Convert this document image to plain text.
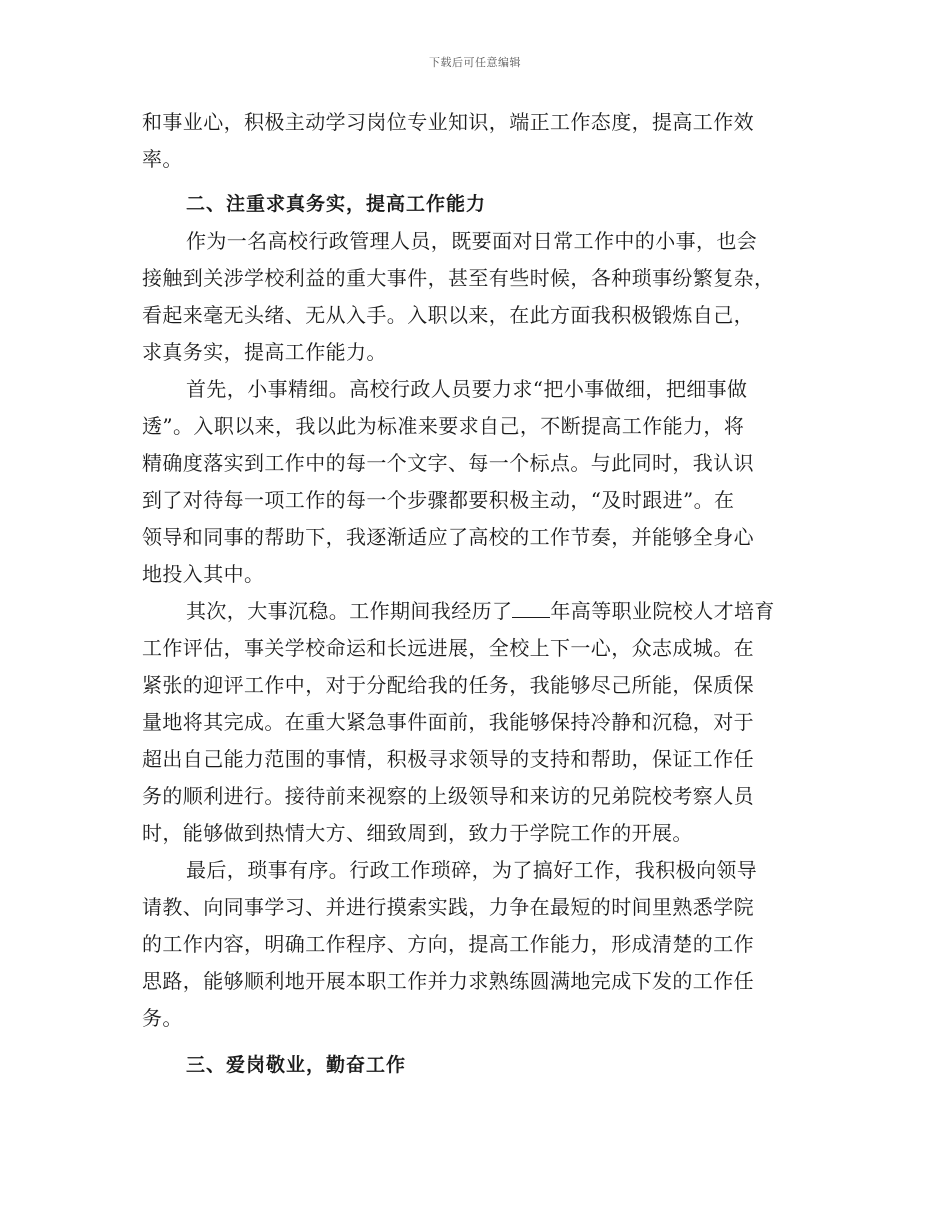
下载后可任意编辑
和事业心，积极主动学习岗位专业知识，端正工作态度，提高工作效
率。
二、注重求真务实，提高工作能力
作为一名高校行政管理人员，既要面对日常工作中的小事，也会
接触到关涉学校利益的重大事件，甚至有些时候，各种琐事纷繁复杂，
看起来毫无头绪、无从入手。入职以来，在此方面我积极锻炼自己，
求真务实，提高工作能力。
首先，小事精细。高校行政人员要力求“把小事做细，把细事做
透”。入职以来，我以此为标准来要求自己，不断提高工作能力，将
精确度落实到工作中的每一个文字、每一个标点。与此同时，我认识
到了对待每一项工作的每一个步骤都要积极主动，“及时跟进”。在
领导和同事的帮助下，我逐渐适应了高校的工作节奏，并能够全身心
地投入其中。
其次，大事沉稳。工作期间我经历了 年高等职业院校人才培育
工作评估，事关学校命运和长远进展，全校上下一心，众志成城。在
紧张的迎评工作中，对于分配给我的任务，我能够尽己所能，保质保
量地将其完成。在重大紧急事件面前，我能够保持冷静和沉稳，对于
超出自己能力范围的事情，积极寻求领导的支持和帮助，保证工作任
务的顺利进行。接待前来视察的上级领导和来访的兄弟院校考察人员
时，能够做到热情大方、细致周到，致力于学院工作的开展。
最后，琐事有序。行政工作琐碎，为了搞好工作，我积极向领导
请教、向同事学习、并进行摸索实践，力争在最短的时间里熟悉学院
的工作内容，明确工作程序、方向，提高工作能力，形成清楚的工作
思路，能够顺利地开展本职工作并力求熟练圆满地完成下发的工作任
务。
三、爱岗敬业，勤奋工作
